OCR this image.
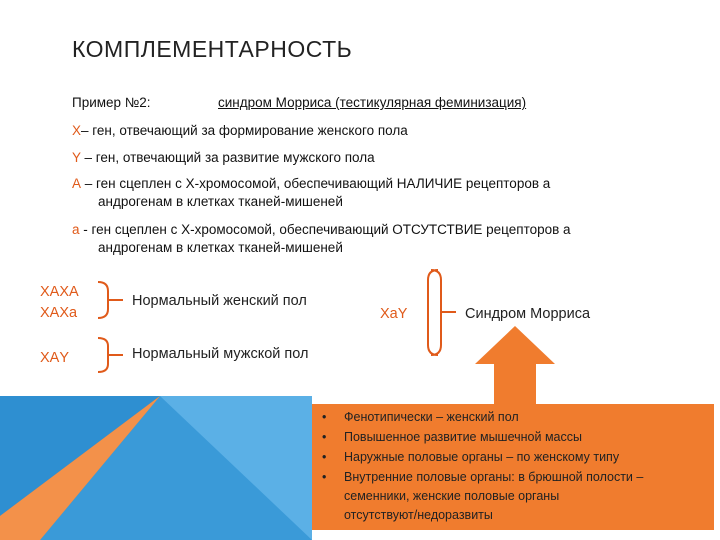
КОМПЛЕМЕНТАРНОСТЬ
Пример №2:	синдром Морриса (тестикулярная феминизация)
Х– ген, отвечающий за формирование женского пола
Y – ген, отвечающий за развитие мужского пола
А – ген сцеплен с Х-хромосомой, обеспечивающий НАЛИЧИЕ рецепторов а
андрогенам в клетках тканей-мишеней
а - ген сцеплен с Х-хромосомой, обеспечивающий ОТСУТСТВИЕ рецепторов а
андрогенам в клетках тканей-мишеней
ХАХА
ХАХа
ХАY
Нормальный женский пол
Нормальный мужской пол
ХаY	Синдром Морриса
•
•
•
•
Фенотипически – женский пол
Повышенное развитие мышечной массы
Наружные половые органы – по женскому типу
Внутренние половые органы: в брюшной полости –
семенники, женские половые органы
отсутствуют/недоразвиты
